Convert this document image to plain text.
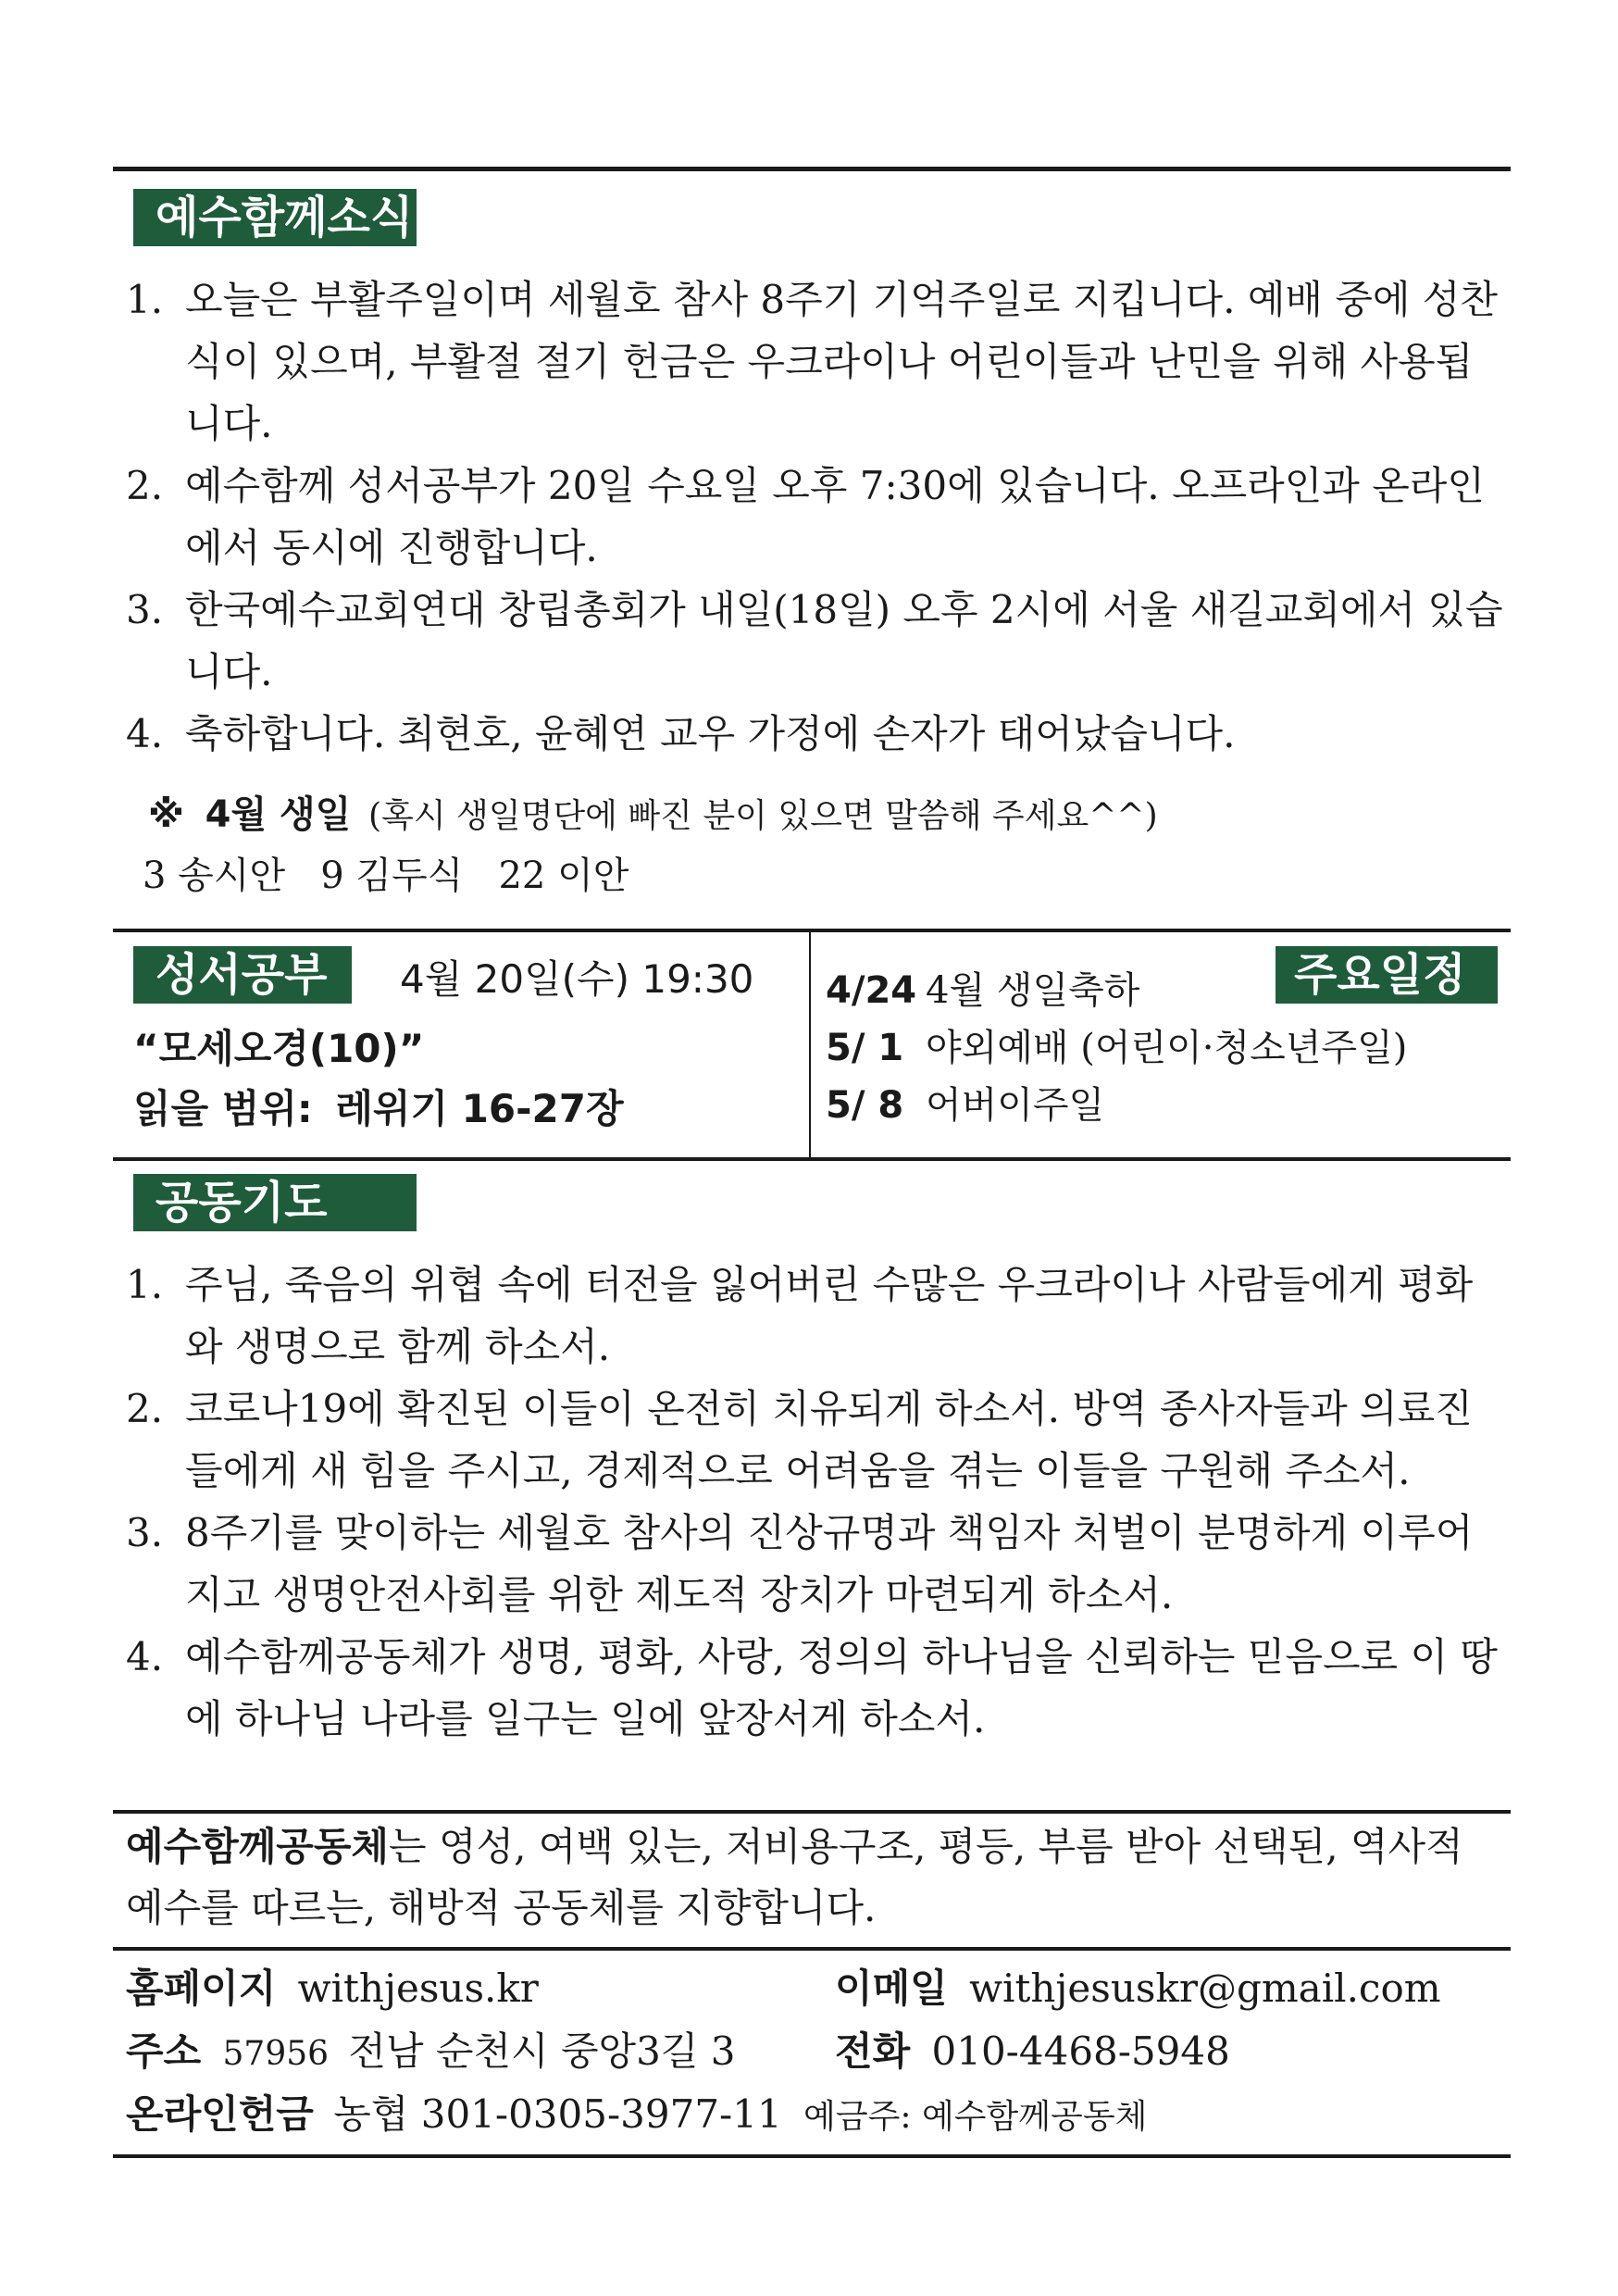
예수함께소식
1. 오늘은 부활주일이며 세월호 참사 8주기 기억주일로 지킵니다. 예배 중에 성찬식이 있으며, 부활절 절기 헌금은 우크라이나 어린이들과 난민을 위해 사용됩니다.
2. 예수함께 성서공부가 20일 수요일 오후 7:30에 있습니다. 오프라인과 온라인에서 동시에 진행합니다.
3. 한국예수교회연대 창립총회가 내일(18일) 오후 2시에 서울 새길교회에서 있습니다.
4. 축하합니다. 최현호, 윤혜연 교우 가정에 손자가 태어났습니다.
※ 4월 생일 (혹시 생일명단에 빠진 분이 있으면 말씀해 주세요^^)
3 송시안   9 김두식   22 이안
성서공부	4월 20일(수) 19:30
“모세오경(10)”
읽을 범위: 레위기 16-27장
주요일정
4/24 4월 생일축하
5/ 1 야외예배 (어린이·청소년주일)
5/ 8 어버이주일
공동기도
1. 주님, 죽음의 위협 속에 터전을 잃어버린 수많은 우크라이나 사람들에게 평화와 생명으로 함께 하소서.
2. 코로나19에 확진된 이들이 온전히 치유되게 하소서. 방역 종사자들과 의료진들에게 새 힘을 주시고, 경제적으로 어려움을 겪는 이들을 구원해 주소서.
3. 8주기를 맞이하는 세월호 참사의 진상규명과 책임자 처벌이 분명하게 이루어지고 생명안전사회를 위한 제도적 장치가 마련되게 하소서.
4. 예수함께공동체가 생명, 평화, 사랑, 정의의 하나님을 신뢰하는 믿음으로 이 땅에 하나님 나라를 일구는 일에 앞장서게 하소서.
예수함께공동체는 영성, 여백 있는, 저비용구조, 평등, 부름 받아 선택된, 역사적 예수를 따르는, 해방적 공동체를 지향합니다.
홈페이지 withjesus.kr	이메일 withjesuskr@gmail.com
주소 57956 전남 순천시 중앙3길 3	전화 010-4468-5948
온라인헌금 농협 301-0305-3977-11 예금주: 예수함께공동체
